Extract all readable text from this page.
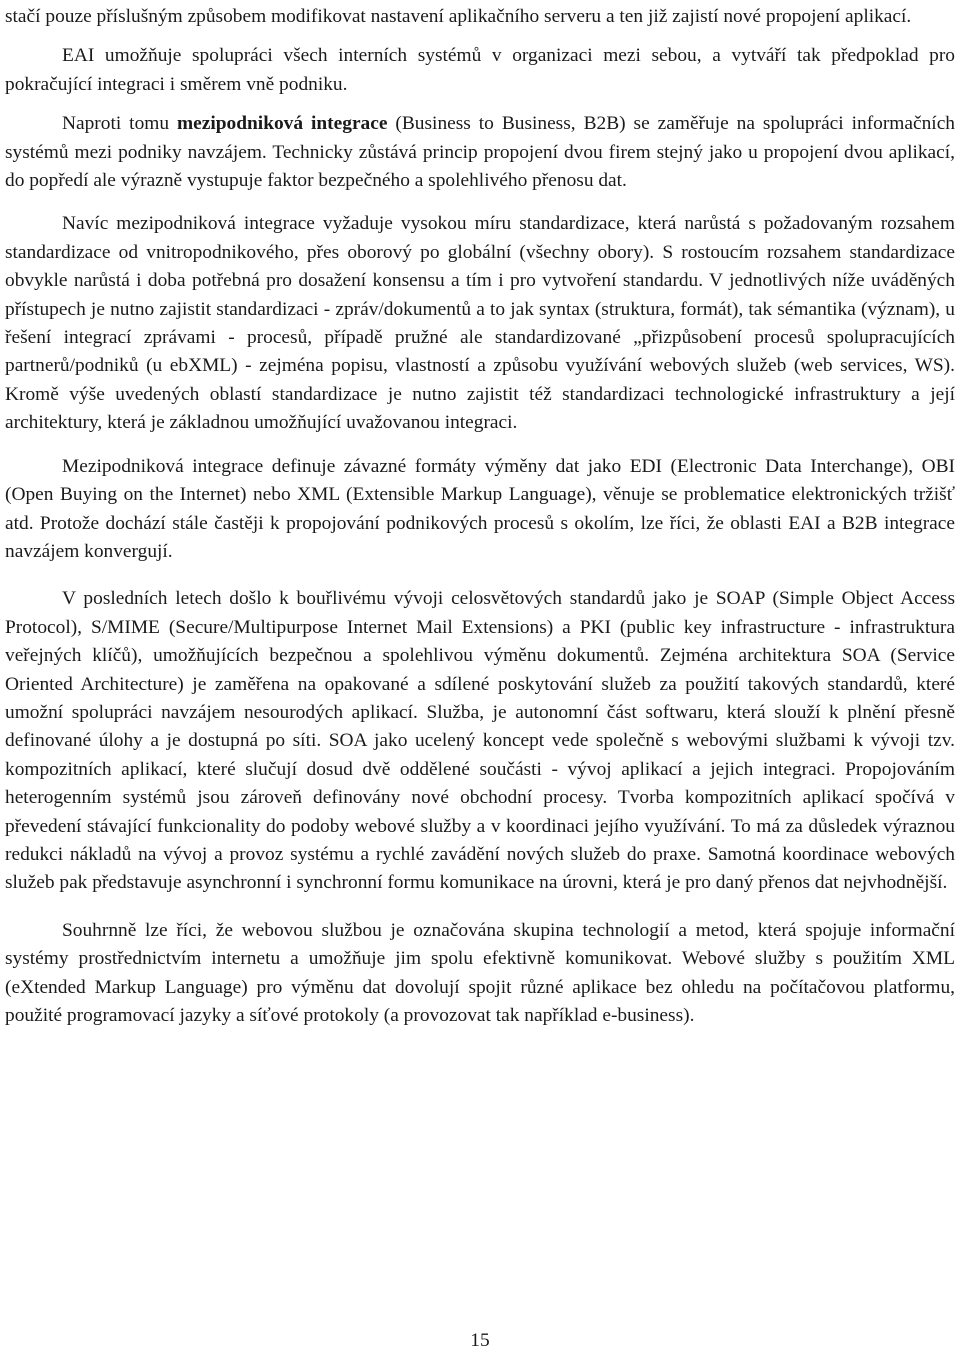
stačí pouze příslušným způsobem modifikovat nastavení aplikačního serveru a ten již zajistí nové propojení aplikací.

EAI umožňuje spolupráci všech interních systémů v organizaci mezi sebou, a vytváří tak předpoklad pro pokračující integraci i směrem vně podniku.

Naproti tomu mezipodniková integrace (Business to Business, B2B) se zaměřuje na spolupráci informačních systémů mezi podniky navzájem. Technicky zůstává princip propojení dvou firem stejný jako u propojení dvou aplikací, do popředí ale výrazně vystupuje faktor bezpečného a spolehlivého přenosu dat.

Navíc mezipodniková integrace vyžaduje vysokou míru standardizace, která narůstá s požadovaným rozsahem standardizace od vnitropodnikového, přes oborový po globální (všechny obory). S rostoucím rozsahem standardizace obvykle narůstá i doba potřebná pro dosažení konsensu a tím i pro vytvoření standardu. V jednotlivých níže uváděných přístupech je nutno zajistit standardizaci - zpráv/dokumentů a to jak syntax (struktura, formát), tak sémantika (význam), u řešení integrací zprávami - procesů, případě pružné ale standardizované „přizpůsobení procesů spolupracujících partnerů/podniků (u ebXML) - zejména popisu, vlastností a způsobu využívání webových služeb (web services, WS). Kromě výše uvedených oblastí standardizace je nutno zajistit též standardizaci technologické infrastruktury a její architektury, která je základnou umožňující uvažovanou integraci.

Mezipodniková integrace definuje závazné formáty výměny dat jako EDI (Electronic Data Interchange), OBI (Open Buying on the Internet) nebo XML (Extensible Markup Language), věnuje se problematice elektronických tržišť atd. Protože dochází stále častěji k propojování podnikových procesů s okolím, lze říci, že oblasti EAI a B2B integrace navzájem konvergují.

V posledních letech došlo k bouřlivému vývoji celosvětových standardů jako je SOAP (Simple Object Access Protocol), S/MIME (Secure/Multipurpose Internet Mail Extensions) a PKI (public key infrastructure - infrastruktura veřejných klíčů), umožňujících bezpečnou a spolehlivou výměnu dokumentů. Zejména architektura SOA (Service Oriented Architecture) je zaměřena na opakované a sdílené poskytování služeb za použití takových standardů, které umožní spolupráci navzájem nesourodých aplikací. Služba, je autonomní část softwaru, která slouží k plnění přesně definované úlohy a je dostupná po síti. SOA jako ucelený koncept vede společně s webovými službami k vývoji tzv. kompozitních aplikací, které slučují dosud dvě oddělené součásti - vývoj aplikací a jejich integraci. Propojováním heterogenním systémů jsou zároveň definovány nové obchodní procesy. Tvorba kompozitních aplikací spočívá v převedení stávající funkcionality do podoby webové služby a v koordinaci jejího využívání. To má za důsledek výraznou redukci nákladů na vývoj a provoz systému a rychlé zavádění nových služeb do praxe. Samotná koordinace webových služeb pak představuje asynchronní i synchronní formu komunikace na úrovni, která je pro daný přenos dat nejvhodnější.

Souhrnně lze říci, že webovou službou je označována skupina technologií a metod, která spojuje informační systémy prostřednictvím internetu a umožňuje jim spolu efektivně komunikovat. Webové služby s použitím XML (eXtended Markup Language) pro výměnu dat dovolují spojit různé aplikace bez ohledu na počítačovou platformu, použité programovací jazyky a síťové protokoly (a provozovat tak například e-business).

15
